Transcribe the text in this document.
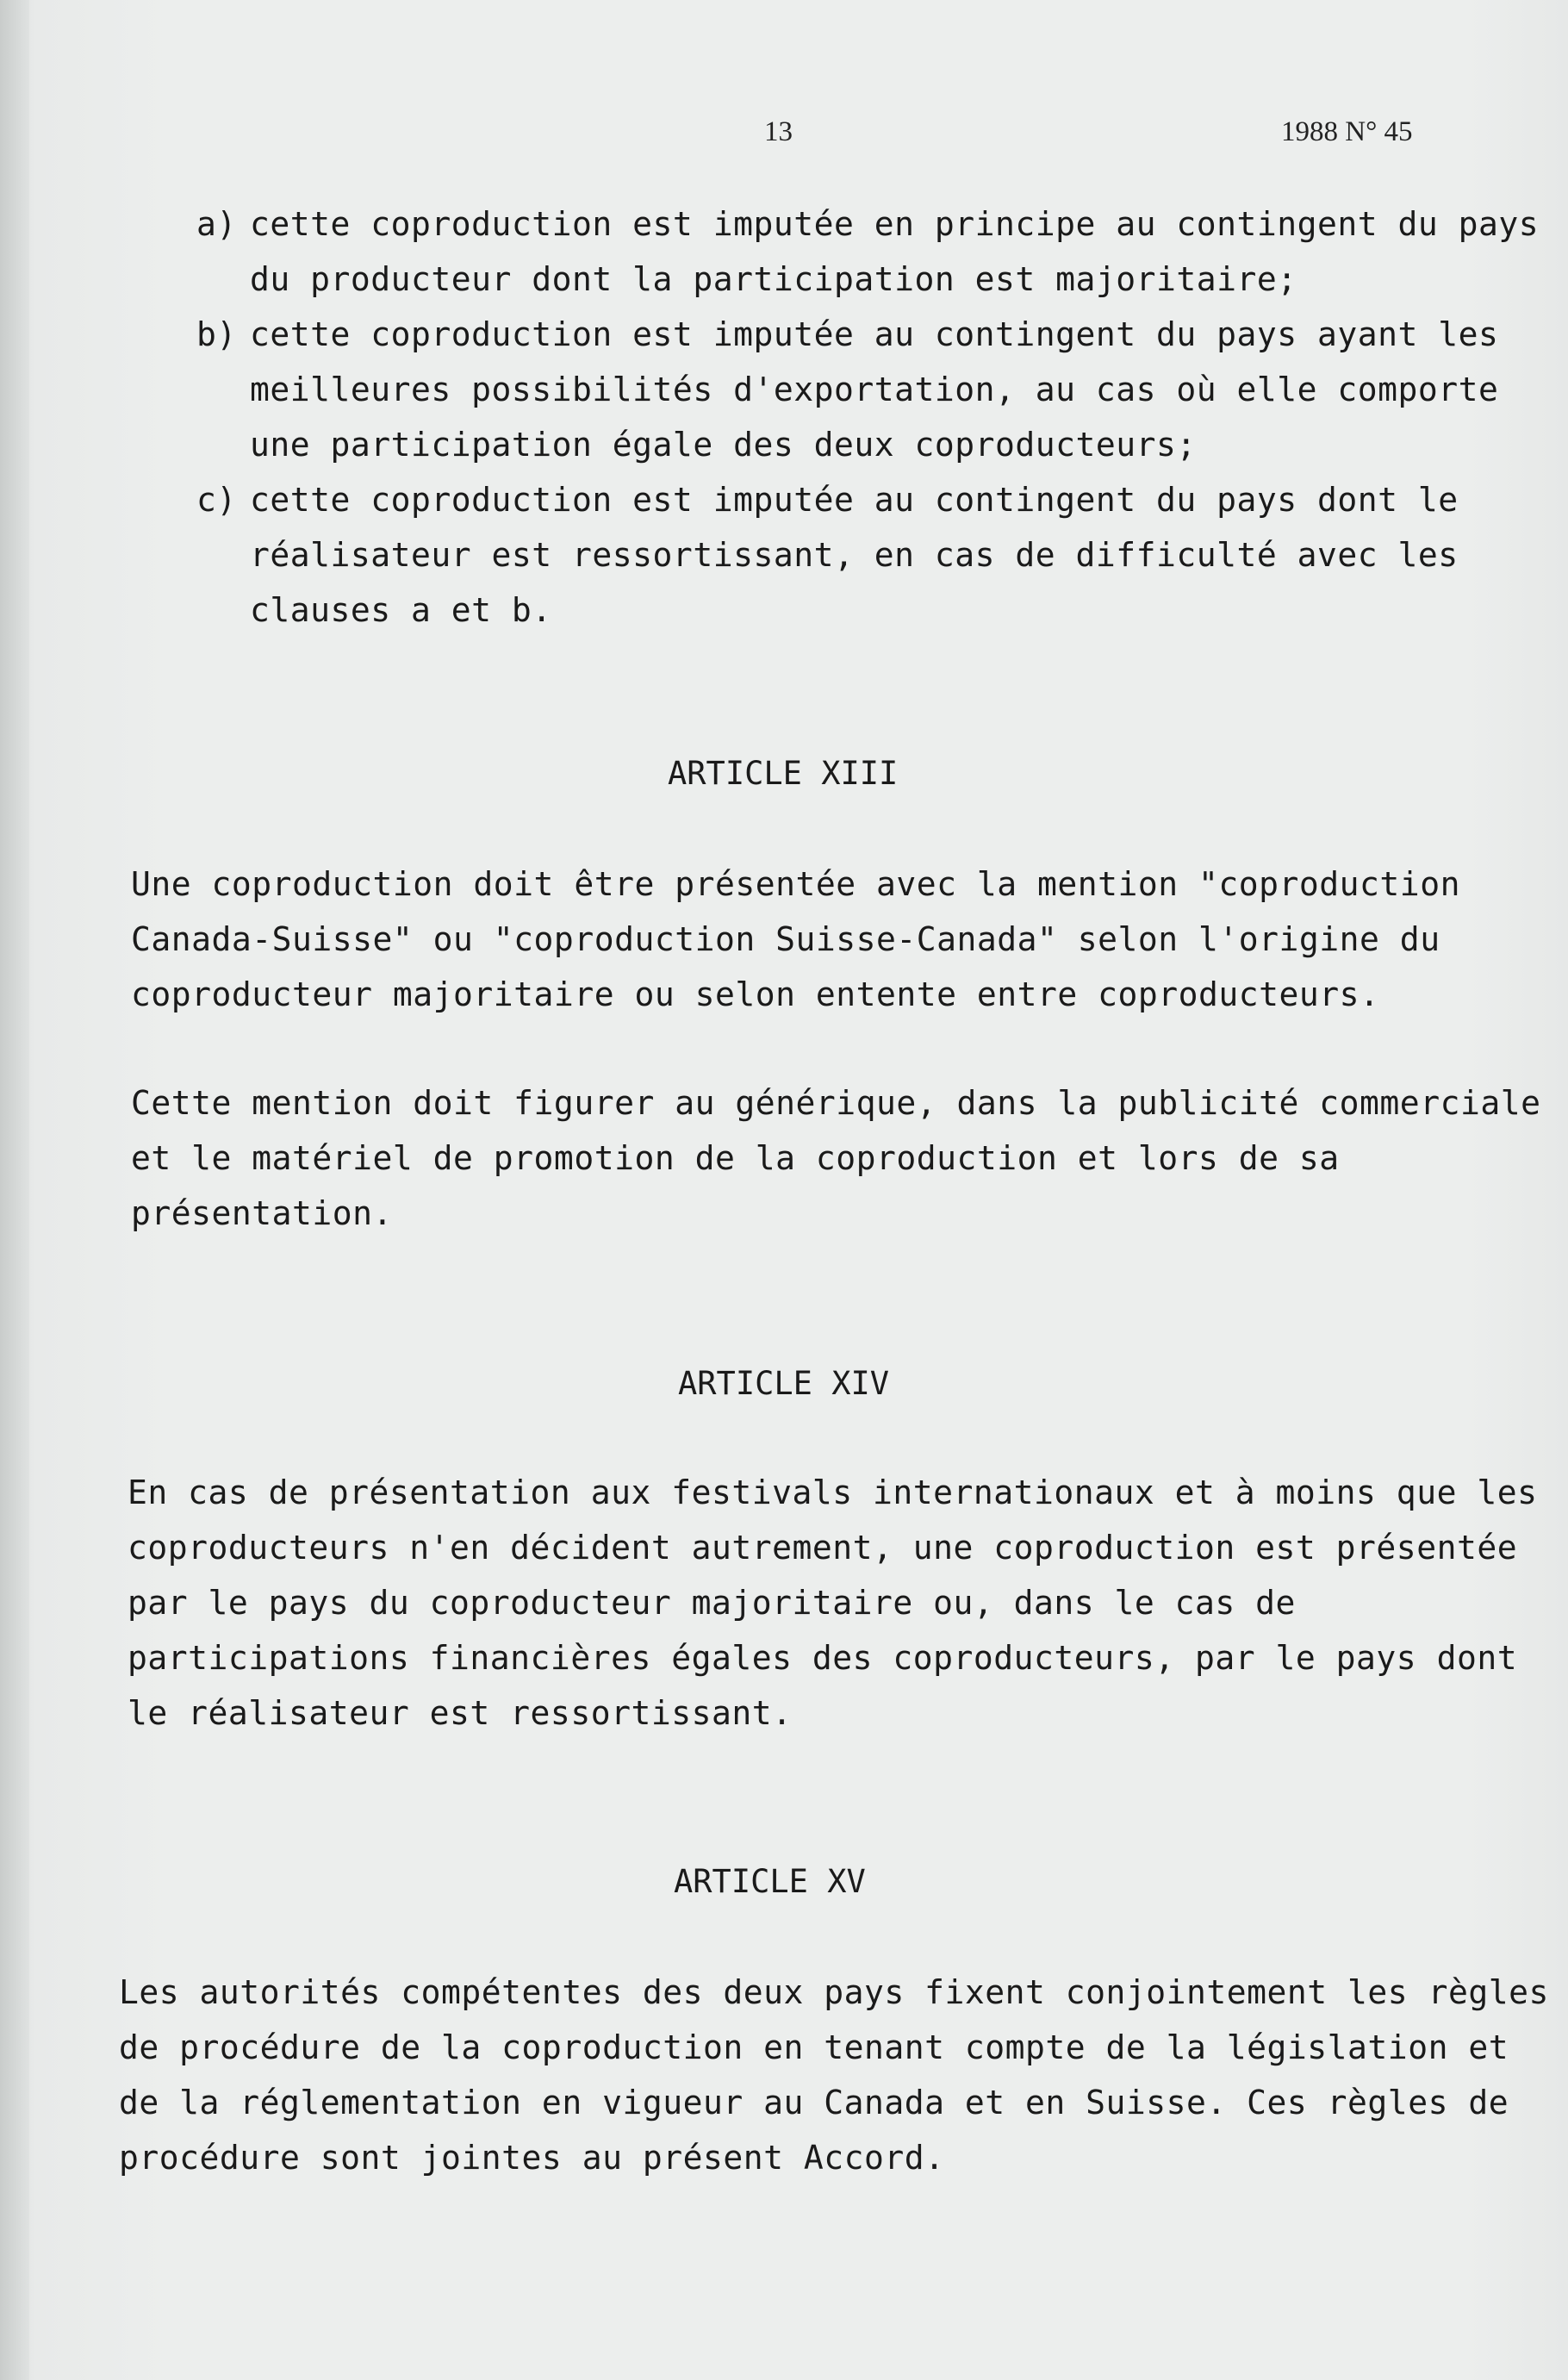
13	1988 N° 45
a) cette coproduction est imputée en principe au contingent du pays
du producteur dont la participation est majoritaire;
b) cette coproduction est imputée au contingent du pays ayant les
meilleures possibilités d'exportation, au cas où elle comporte
une participation égale des deux coproducteurs;
c) cette coproduction est imputée au contingent du pays dont le
réalisateur est ressortissant, en cas de difficulté avec les
clauses a et b.
ARTICLE XIII
Une coproduction doit être présentée avec la mention "coproduction
Canada-Suisse" ou "coproduction Suisse-Canada" selon l'origine du
coproducteur majoritaire ou selon entente entre coproducteurs.
Cette mention doit figurer au générique, dans la publicité commerciale
et le matériel de promotion de la coproduction et lors de sa
présentation.
ARTICLE XIV
En cas de présentation aux festivals internationaux et à moins que les
coproducteurs n'en décident autrement, une coproduction est présentée
par le pays du coproducteur majoritaire ou, dans le cas de
participations financières égales des coproducteurs, par le pays dont
le réalisateur est ressortissant.
ARTICLE XV
Les autorités compétentes des deux pays fixent conjointement les règles
de procédure de la coproduction en tenant compte de la législation et
de la réglementation en vigueur au Canada et en Suisse. Ces règles de
procédure sont jointes au présent Accord.
